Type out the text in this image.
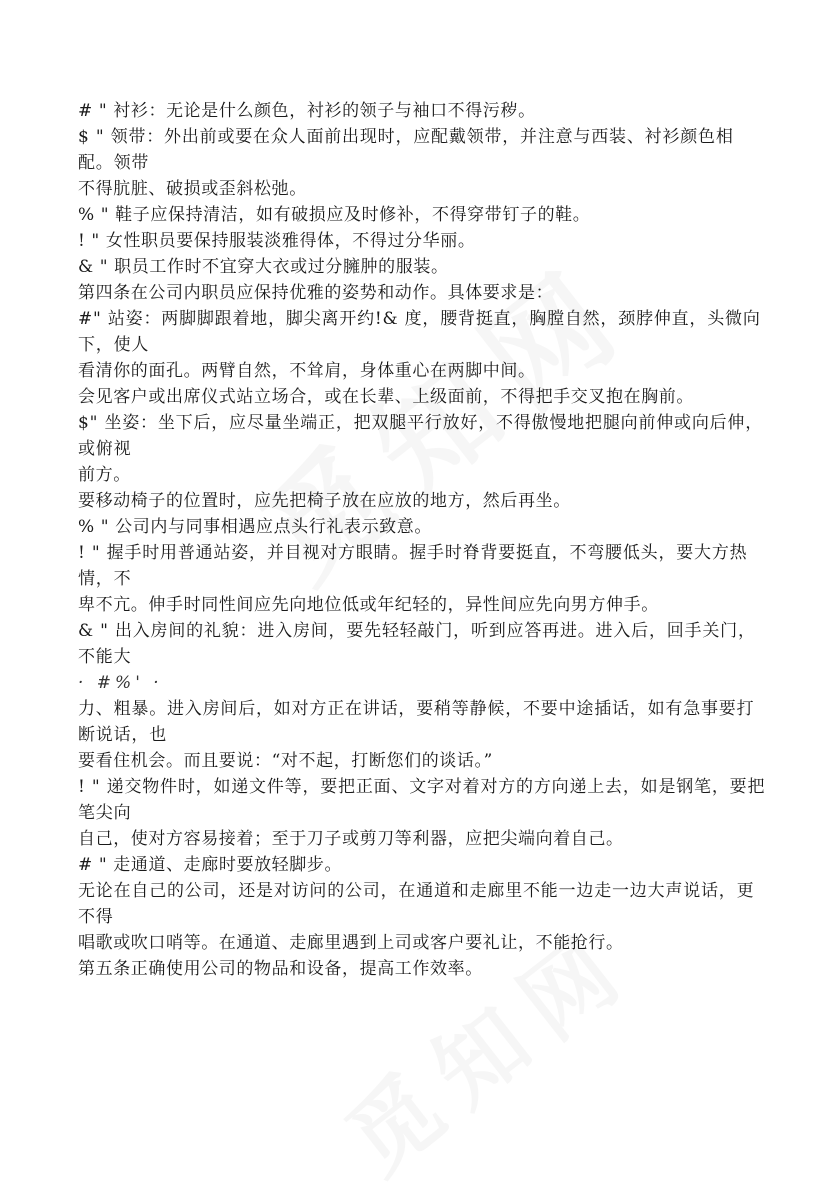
# " 衬衫：无论是什么颜色，衬衫的领子与袖口不得污秽。

$ " 领带：外出前或要在众人面前出现时，应配戴领带，并注意与西装、衬衫颜色相配。领带

不得肮脏、破损或歪斜松弛。

% " 鞋子应保持清洁，如有破损应及时修补，不得穿带钉子的鞋。

! " 女性职员要保持服装淡雅得体，不得过分华丽。

& " 职员工作时不宜穿大衣或过分臃肿的服装。

第四条在公司内职员应保持优雅的姿势和动作。具体要求是：

#" 站姿：两脚脚跟着地，脚尖离开约!& 度，腰背挺直，胸膛自然，颈脖伸直，头微向下，使人

看清你的面孔。两臂自然，不耸肩，身体重心在两脚中间。

会见客户或出席仪式站立场合，或在长辈、上级面前，不得把手交叉抱在胸前。

$" 坐姿：坐下后，应尽量坐端正，把双腿平行放好，不得傲慢地把腿向前伸或向后伸，或俯视

前方。

要移动椅子的位置时，应先把椅子放在应放的地方，然后再坐。

% " 公司内与同事相遇应点头行礼表示致意。

! " 握手时用普通站姿，并目视对方眼睛。握手时脊背要挺直，不弯腰低头，要大方热情，不

卑不亢。伸手时同性间应先向地位低或年纪轻的，异性间应先向男方伸手。

& " 出入房间的礼貌：进入房间，要先轻轻敲门，听到应答再进。进入后，回手关门，不能大

· #%' ·

力、粗暴。进入房间后，如对方正在讲话，要稍等静候，不要中途插话，如有急事要打断说话，也

要看住机会。而且要说：“对不起，打断您们的谈话。”

! " 递交物件时，如递文件等，要把正面、文字对着对方的方向递上去，如是钢笔，要把笔尖向

自己，使对方容易接着；至于刀子或剪刀等利器，应把尖端向着自己。

# " 走通道、走廊时要放轻脚步。

无论在自己的公司，还是对访问的公司，在通道和走廊里不能一边走一边大声说话，更不得

唱歌或吹口哨等。在通道、走廊里遇到上司或客户要礼让，不能抢行。

第五条正确使用公司的物品和设备，提高工作效率。
